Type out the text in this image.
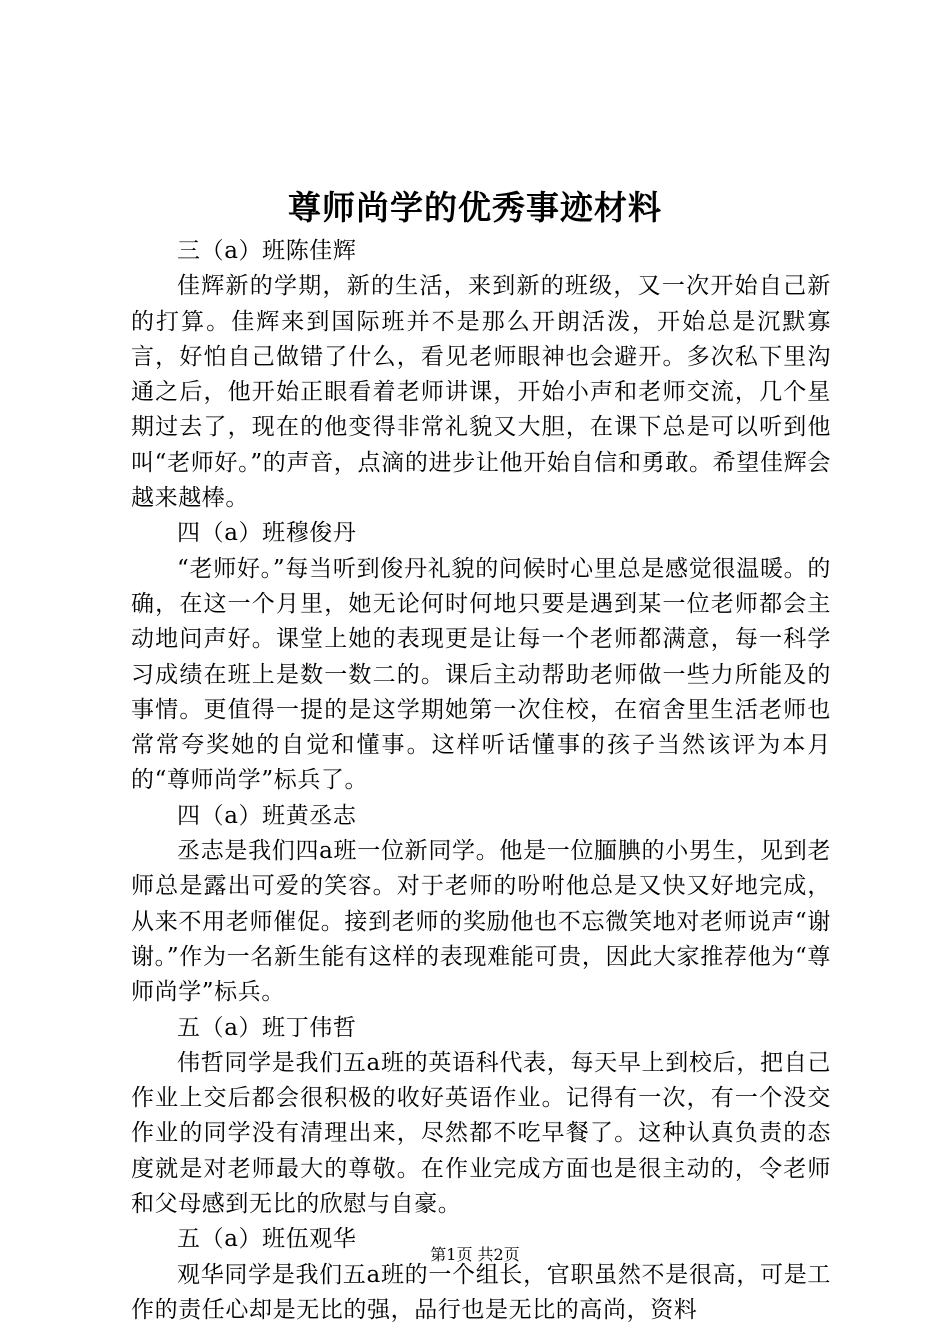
尊师尚学的优秀事迹材料

三（a）班陈佳辉

佳辉新的学期，新的生活，来到新的班级，又一次开始自己新的打算。佳辉来到国际班并不是那么开朗活泼，开始总是沉默寡言，好怕自己做错了什么，看见老师眼神也会避开。多次私下里沟通之后，他开始正眼看着老师讲课，开始小声和老师交流，几个星期过去了，现在的他变得非常礼貌又大胆，在课下总是可以听到他叫“老师好。”的声音，点滴的进步让他开始自信和勇敢。希望佳辉会越来越棒。

四（a）班穆俊丹

“老师好。”每当听到俊丹礼貌的问候时心里总是感觉很温暖。的确，在这一个月里，她无论何时何地只要是遇到某一位老师都会主动地问声好。课堂上她的表现更是让每一个老师都满意，每一科学习成绩在班上是数一数二的。课后主动帮助老师做一些力所能及的事情。更值得一提的是这学期她第一次住校，在宿舍里生活老师也常常夸奖她的自觉和懂事。这样听话懂事的孩子当然该评为本月的“尊师尚学”标兵了。

四（a）班黄丞志

丞志是我们四a班一位新同学。他是一位腼腆的小男生，见到老师总是露出可爱的笑容。对于老师的吩咐他总是又快又好地完成，从来不用老师催促。接到老师的奖励他也不忘微笑地对老师说声“谢谢。”作为一名新生能有这样的表现难能可贵，因此大家推荐他为“尊师尚学”标兵。

五（a）班丁伟哲

伟哲同学是我们五a班的英语科代表，每天早上到校后，把自己作业上交后都会很积极的收好英语作业。记得有一次，有一个没交作业的同学没有清理出来，尽然都不吃早餐了。这种认真负责的态度就是对老师最大的尊敬。在作业完成方面也是很主动的，令老师和父母感到无比的欣慰与自豪。

五（a）班伍观华

观华同学是我们五a班的一个组长，官职虽然不是很高，可是工作的责任心却是无比的强，品行也是无比的高尚，资料

第1页 共2页
